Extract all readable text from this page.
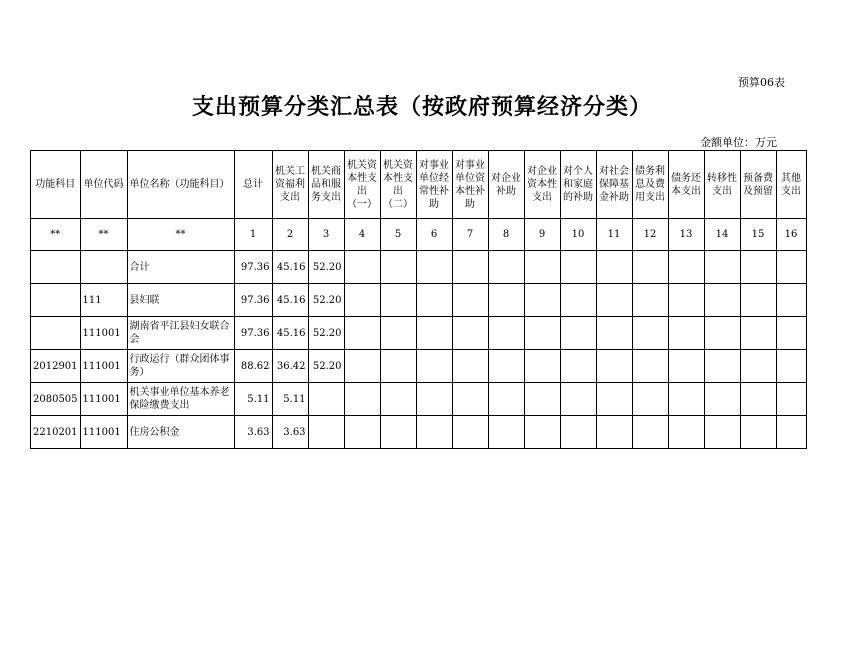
预算06表
支出预算分类汇总表（按政府预算经济分类）
金额单位：万元
功能科目	单位代码	单位名称（功能科目）	总计	机关工资福利支出	机关商品和服务支出	机关资本性支出（一）	机关资本性支出（二）	对事业单位经常性补助	对事业单位资本性补助	对企业补助	对企业资本性支出	对个人和家庭的补助	对社会保障基金补助	债务利息及费用支出	债务还本支出	转移性支出	预备费及预留	其他支出
**	**	**	1	2	3	4	5	6	7	8	9	10	11	12	13	14	15	16
		合计	97.36	45.16	52.20													
	111	县妇联	97.36	45.16	52.20													
	111001	湖南省平江县妇女联合会	97.36	45.16	52.20													
2012901	111001	行政运行（群众团体事务）	88.62	36.42	52.20													
2080505	111001	机关事业单位基本养老保险缴费支出	5.11	5.11														
2210201	111001	住房公积金	3.63	3.63														
